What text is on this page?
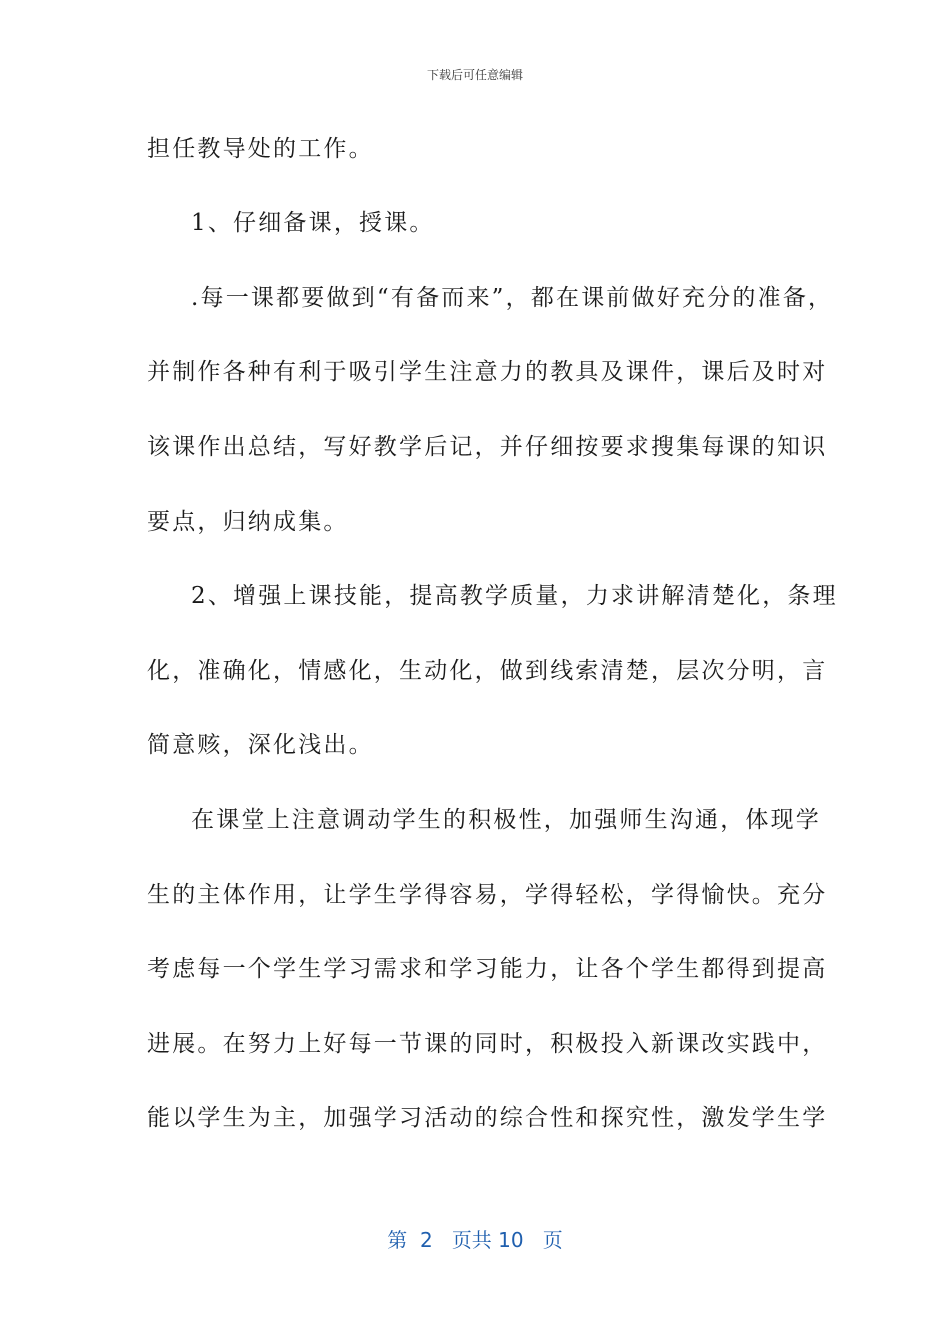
下载后可任意编辑
担任教导处的工作。
1、仔细备课，授课。
.每一课都要做到“有备而来”，都在课前做好充分的准备，
并制作各种有利于吸引学生注意力的教具及课件，课后及时对
该课作出总结，写好教学后记，并仔细按要求搜集每课的知识
要点，归纳成集。
2、增强上课技能，提高教学质量，力求讲解清楚化，条理
化，准确化，情感化，生动化，做到线索清楚，层次分明，言
简意赅，深化浅出。
在课堂上注意调动学生的积极性，加强师生沟通，体现学
生的主体作用，让学生学得容易，学得轻松，学得愉快。充分
考虑每一个学生学习需求和学习能力，让各个学生都得到提高
进展。在努力上好每一节课的同时，积极投入新课改实践中，
能以学生为主，加强学习活动的综合性和探究性，激发学生学
第 2 页共 10 页
